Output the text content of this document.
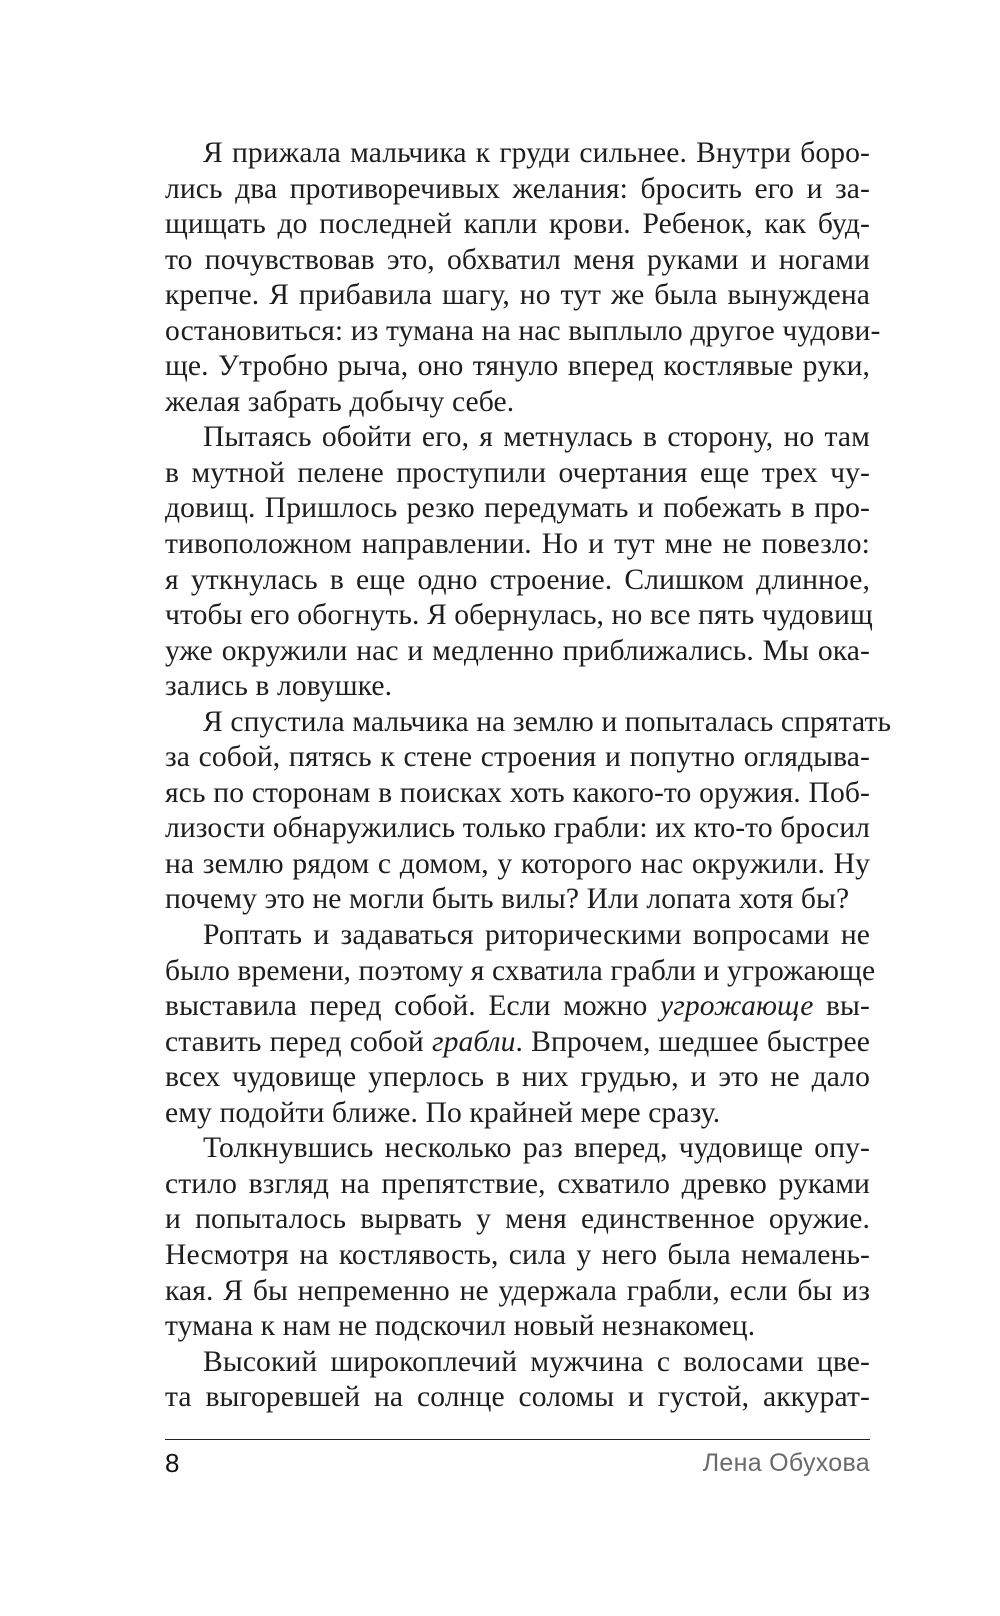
Я прижала мальчика к груди сильнее. Внутри боро-
лись два противоречивых желания: бросить его и за-
щищать до последней капли крови. Ребенок, как буд-
то почувствовав это, обхватил меня руками и ногами
крепче. Я прибавила шагу, но тут же была вынуждена
остановиться: из тумана на нас выплыло другое чудови-
ще. Утробно рыча, оно тянуло вперед костлявые руки,
желая забрать добычу себе.
Пытаясь обойти его, я метнулась в сторону, но там
в мутной пелене проступили очертания еще трех чу-
довищ. Пришлось резко передумать и побежать в про-
тивоположном направлении. Но и тут мне не повезло:
я уткнулась в еще одно строение. Слишком длинное,
чтобы его обогнуть. Я обернулась, но все пять чудовищ
уже окружили нас и медленно приближались. Мы ока-
зались в ловушке.
Я спустила мальчика на землю и попыталась спрятать
за собой, пятясь к стене строения и попутно оглядыва-
ясь по сторонам в поисках хоть какого-то оружия. Поб-
лизости обнаружились только грабли: их кто-то бросил
на землю рядом с домом, у которого нас окружили. Ну
почему это не могли быть вилы? Или лопата хотя бы?
Роптать и задаваться риторическими вопросами не
было времени, поэтому я схватила грабли и угрожающе
выставила перед собой. Если можно угрожающе вы-
ставить перед собой грабли. Впрочем, шедшее быстрее
всех чудовище уперлось в них грудью, и это не дало
ему подойти ближе. По крайней мере сразу.
Толкнувшись несколько раз вперед, чудовище опу-
стило взгляд на препятствие, схватило древко руками
и попыталось вырвать у меня единственное оружие.
Несмотря на костлявость, сила у него была немалень-
кая. Я бы непременно не удержала грабли, если бы из
тумана к нам не подскочил новый незнакомец.
Высокий широкоплечий мужчина с волосами цве-
та выгоревшей на солнце соломы и густой, аккурат-
8	Лена Обухова
